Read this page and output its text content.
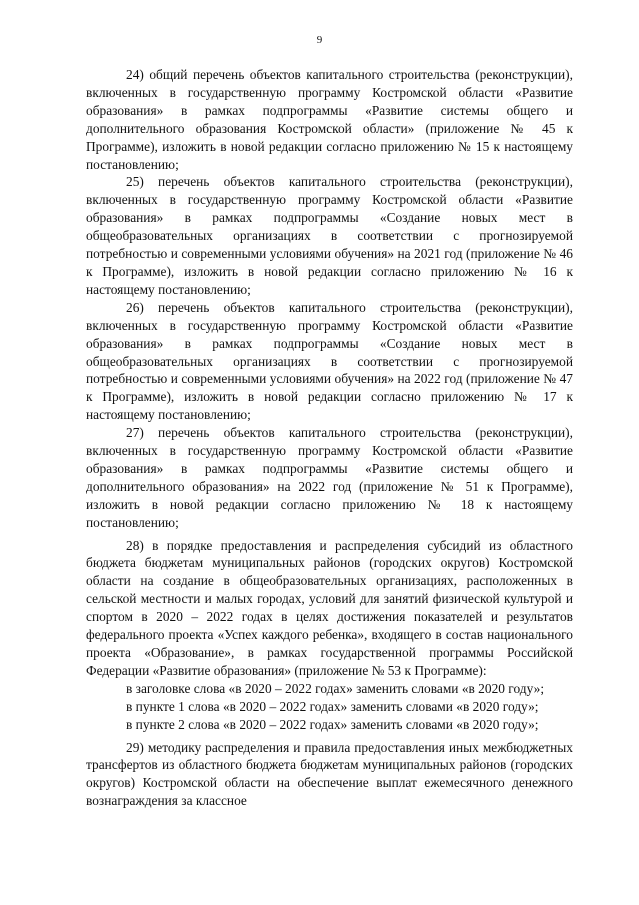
9

24) общий перечень объектов капитального строительства (реконструкции), включенных в государственную программу Костромской области «Развитие образования» в рамках подпрограммы «Развитие системы общего и дополнительного образования Костромской области» (приложение № 45 к Программе), изложить в новой редакции согласно приложению № 15 к настоящему постановлению;

25) перечень объектов капитального строительства (реконструкции), включенных в государственную программу Костромской области «Развитие образования» в рамках подпрограммы «Создание новых мест в общеобразовательных организациях в соответствии с прогнозируемой потребностью и современными условиями обучения» на 2021 год (приложение № 46 к Программе), изложить в новой редакции согласно приложению № 16 к настоящему постановлению;

26) перечень объектов капитального строительства (реконструкции), включенных в государственную программу Костромской области «Развитие образования» в рамках подпрограммы «Создание новых мест в общеобразовательных организациях в соответствии с прогнозируемой потребностью и современными условиями обучения» на 2022 год (приложение № 47 к Программе), изложить в новой редакции согласно приложению № 17 к настоящему постановлению;

27) перечень объектов капитального строительства (реконструкции), включенных в государственную программу Костромской области «Развитие образования» в рамках подпрограммы «Развитие системы общего и дополнительного образования» на 2022 год (приложение № 51 к Программе), изложить в новой редакции согласно приложению № 18 к настоящему постановлению;

28) в порядке предоставления и распределения субсидий из областного бюджета бюджетам муниципальных районов (городских округов) Костромской области на создание в общеобразовательных организациях, расположенных в сельской местности и малых городах, условий для занятий физической культурой и спортом в 2020 – 2022 годах в целях достижения показателей и результатов федерального проекта «Успех каждого ребенка», входящего в состав национального проекта «Образование», в рамках государственной программы Российской Федерации «Развитие образования» (приложение № 53 к Программе):

в заголовке слова «в 2020 – 2022 годах» заменить словами «в 2020 году»;

в пункте 1 слова «в 2020 – 2022 годах» заменить словами «в 2020 году»;

в пункте 2 слова «в 2020 – 2022 годах» заменить словами «в 2020 году»;

29) методику распределения и правила предоставления иных межбюджетных трансфертов из областного бюджета бюджетам муниципальных районов (городских округов) Костромской области на обеспечение выплат ежемесячного денежного вознаграждения за классное
